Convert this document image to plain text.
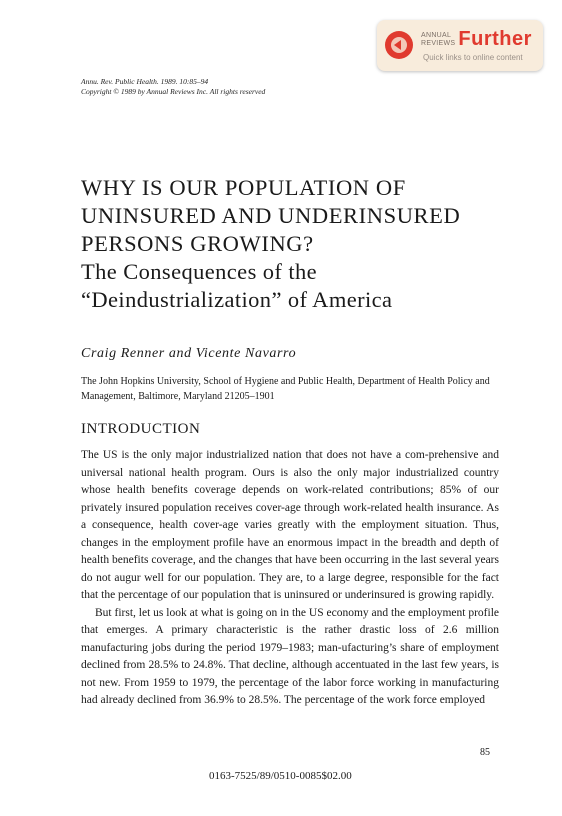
ANNUAL
REVIEWS Further
Quick links to online content
Annu. Rev. Public Health. 1989. 10:85–94
Copyright © 1989 by Annual Reviews Inc. All rights reserved
WHY IS OUR POPULATION OF
UNINSURED AND UNDERINSURED
PERSONS GROWING?
The Consequences of the
“Deindustrialization” of America
Craig Renner and Vicente Navarro
The John Hopkins University, School of Hygiene and Public Health, Department of Health Policy and Management, Baltimore, Maryland 21205–1901
INTRODUCTION

The US is the only major industrialized nation that does not have a com-prehensive and universal national health program. Ours is also the only major industrialized country whose health benefits coverage depends on work-related contributions; 85% of our privately insured population receives cover-age through work-related health insurance. As a consequence, health cover-age varies greatly with the employment situation. Thus, changes in the employment profile have an enormous impact in the breadth and depth of health benefits coverage, and the changes that have been occurring in the last several years do not augur well for our population. They are, to a large degree, responsible for the fact that the percentage of our population that is uninsured or underinsured is growing rapidly.

But first, let us look at what is going on in the US economy and the employment profile that emerges. A primary characteristic is the rather drastic loss of 2.6 million manufacturing jobs during the period 1979–1983; man-ufacturing’s share of employment declined from 28.5% to 24.8%. That decline, although accentuated in the last few years, is not new. From 1959 to 1979, the percentage of the labor force working in manufacturing had already declined from 36.9% to 28.5%. The percentage of the work force employed

85
0163-7525/89/0510-0085$02.00
